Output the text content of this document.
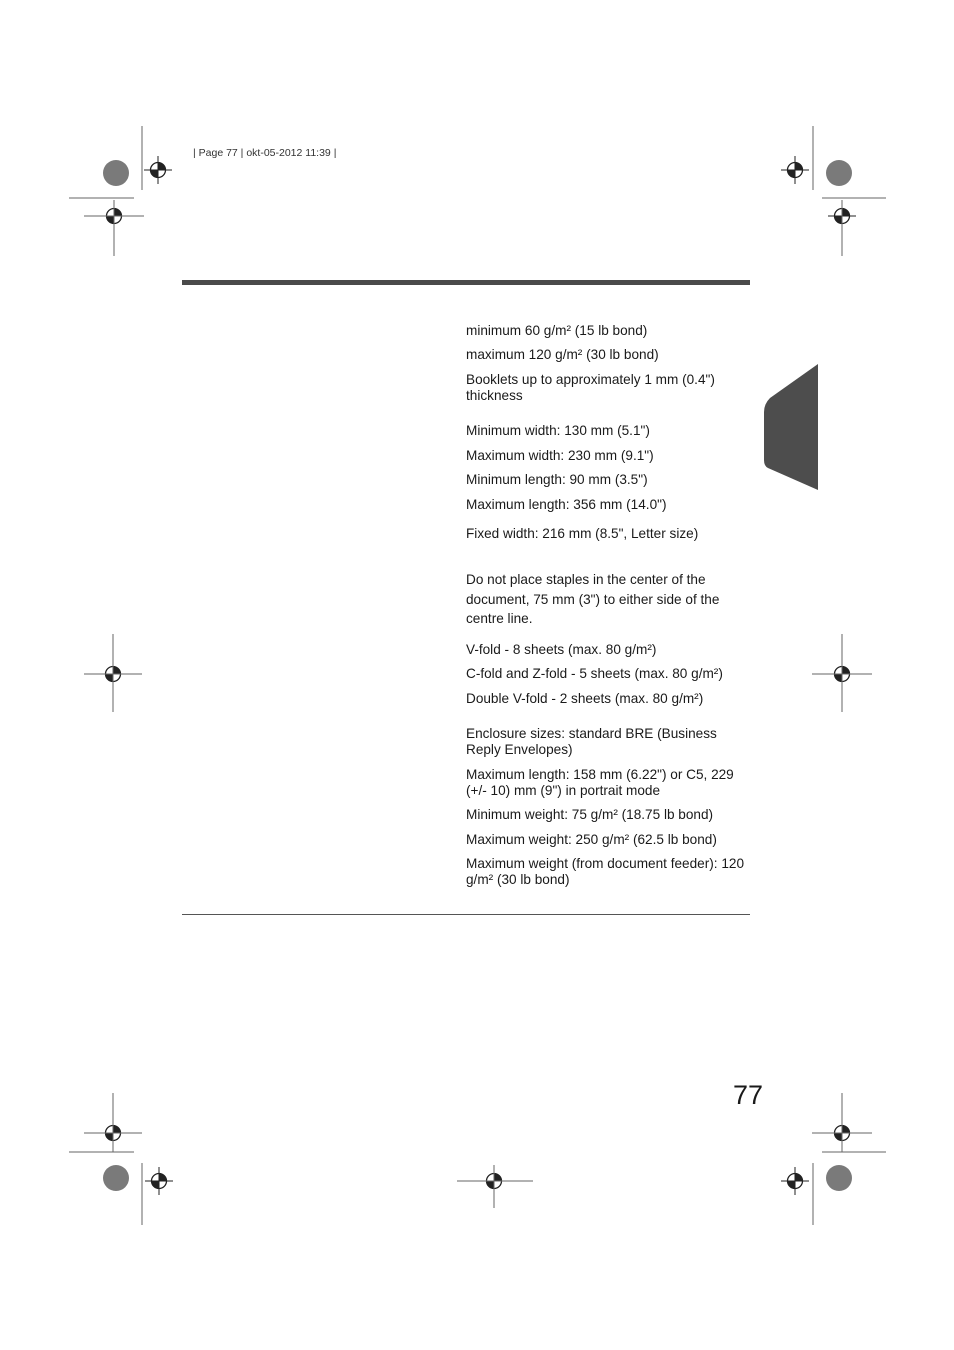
| Page 77 | okt-05-2012 11:39 |
minimum 60 g/m² (15 lb bond)
maximum 120 g/m² (30 lb bond)
Booklets up to approximately 1 mm (0.4") thickness
Minimum width: 130 mm (5.1")
Maximum width: 230 mm (9.1")
Minimum length: 90 mm (3.5")
Maximum length: 356 mm (14.0")
Fixed width: 216 mm (8.5", Letter size)
Do not place staples in the center of the document, 75 mm (3") to either side of the centre line.
V-fold - 8 sheets (max. 80 g/m²)
C-fold and Z-fold - 5 sheets (max. 80 g/m²)
Double V-fold - 2 sheets (max. 80 g/m²)
Enclosure sizes: standard BRE (Business Reply Envelopes)
Maximum length: 158 mm (6.22") or C5, 229 (+/- 10) mm (9") in portrait mode
Minimum weight: 75 g/m² (18.75 lb bond)
Maximum weight: 250 g/m² (62.5 lb bond)
Maximum weight (from document feeder): 120 g/m² (30 lb bond)
77
